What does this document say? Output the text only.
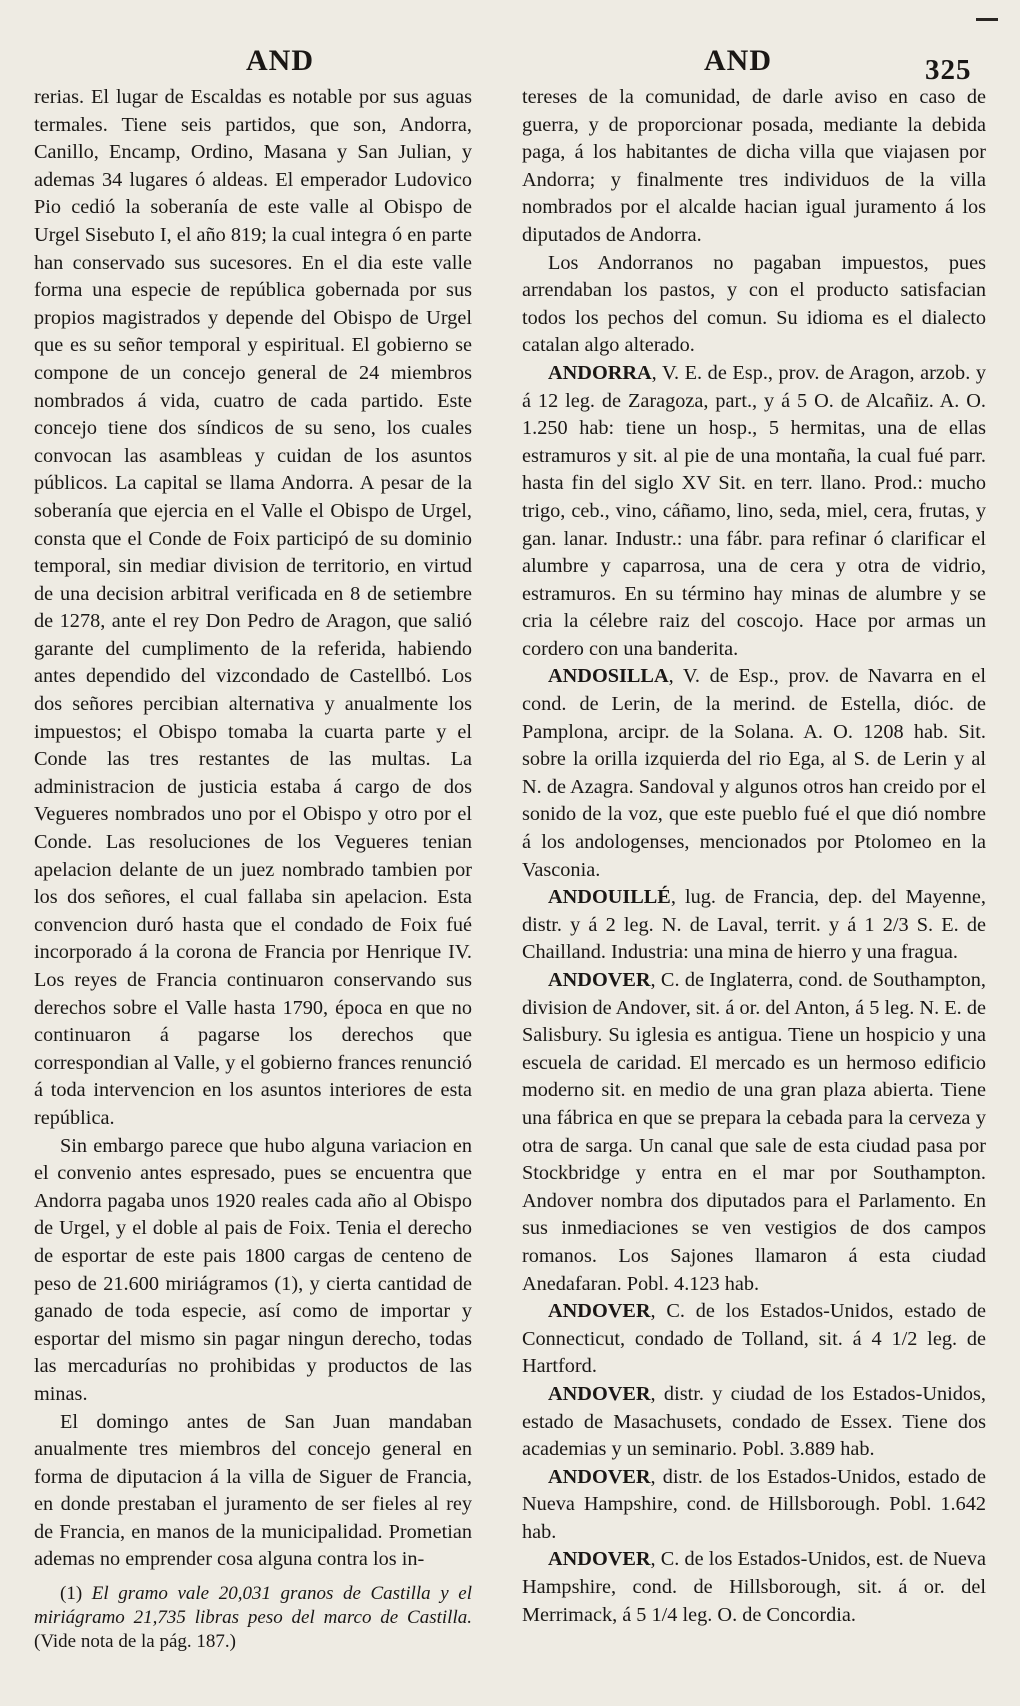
AND	AND	325

rerias. El lugar de Escaldas es notable por sus aguas termales. Tiene seis partidos, que son, Andorra, Canillo, Encamp, Ordino, Masana y San Julian, y ademas 34 lugares ó aldeas. El emperador Ludovico Pio cedió la soberanía de este valle al Obispo de Urgel Sisebuto I, el año 819; la cual integra ó en parte han conservado sus sucesores. En el dia este valle forma una especie de república gobernada por sus propios magistrados y depende del Obispo de Urgel que es su señor temporal y espiritual. El gobierno se compone de un concejo general de 24 miembros nombrados á vida, cuatro de cada partido. Este concejo tiene dos síndicos de su seno, los cuales convocan las asambleas y cuidan de los asuntos públicos. La capital se llama Andorra. A pesar de la soberanía que ejercia en el Valle el Obispo de Urgel, consta que el Conde de Foix participó de su dominio temporal, sin mediar division de territorio, en virtud de una decision arbitral verificada en 8 de setiembre de 1278, ante el rey Don Pedro de Aragon, que salió garante del cumplimento de la referida, habiendo antes dependido del vizcondado de Castellbó. Los dos señores percibian alternativa y anualmente los impuestos; el Obispo tomaba la cuarta parte y el Conde las tres restantes de las multas. La administracion de justicia estaba á cargo de dos Vegueres nombrados uno por el Obispo y otro por el Conde. Las resoluciones de los Vegueres tenian apelacion delante de un juez nombrado tambien por los dos señores, el cual fallaba sin apelacion. Esta convencion duró hasta que el condado de Foix fué incorporado á la corona de Francia por Henrique IV. Los reyes de Francia continuaron conservando sus derechos sobre el Valle hasta 1790, época en que no continuaron á pagarse los derechos que correspondian al Valle, y el gobierno frances renunció á toda intervencion en los asuntos interiores de esta república.

Sin embargo parece que hubo alguna variacion en el convenio antes espresado, pues se encuentra que Andorra pagaba unos 1920 reales cada año al Obispo de Urgel, y el doble al pais de Foix. Tenia el derecho de esportar de este pais 1800 cargas de centeno de peso de 21.600 miriágramos (1), y cierta cantidad de ganado de toda especie, así como de importar y esportar del mismo sin pagar ningun derecho, todas las mercadurías no prohibidas y productos de las minas.

El domingo antes de San Juan mandaban anualmente tres miembros del concejo general en forma de diputacion á la villa de Siguer de Francia, en donde prestaban el juramento de ser fieles al rey de Francia, en manos de la municipalidad. Prometian ademas no emprender cosa alguna contra los in-

(1) El gramo vale 20,031 granos de Castilla y el miriágramo 21,735 libras peso del marco de Castilla. (Vide nota de la pág. 187.)

tereses de la comunidad, de darle aviso en caso de guerra, y de proporcionar posada, mediante la debida paga, á los habitantes de dicha villa que viajasen por Andorra; y finalmente tres individuos de la villa nombrados por el alcalde hacian igual juramento á los diputados de Andorra.

Los Andorranos no pagaban impuestos, pues arrendaban los pastos, y con el producto satisfacian todos los pechos del comun. Su idioma es el dialecto catalan algo alterado.

ANDORRA, V. E. de Esp., prov. de Aragon, arzob. y á 12 leg. de Zaragoza, part., y á 5 O. de Alcañiz. A. O. 1.250 hab: tiene un hosp., 5 hermitas, una de ellas estramuros y sit. al pie de una montaña, la cual fué parr. hasta fin del siglo XV Sit. en terr. llano. Prod.: mucho trigo, ceb., vino, cáñamo, lino, seda, miel, cera, frutas, y gan. lanar. Industr.: una fábr. para refinar ó clarificar el alumbre y caparrosa, una de cera y otra de vidrio, estramuros. En su término hay minas de alumbre y se cria la célebre raiz del coscojo. Hace por armas un cordero con una banderita.

ANDOSILLA, V. de Esp., prov. de Navarra en el cond. de Lerin, de la merind. de Estella, dióc. de Pamplona, arcipr. de la Solana. A. O. 1208 hab. Sit. sobre la orilla izquierda del rio Ega, al S. de Lerin y al N. de Azagra. Sandoval y algunos otros han creido por el sonido de la voz, que este pueblo fué el que dió nombre á los andologenses, mencionados por Ptolomeo en la Vasconia.

ANDOUILLÉ, lug. de Francia, dep. del Mayenne, distr. y á 2 leg. N. de Laval, territ. y á 1 2/3 S. E. de Chailland. Industria: una mina de hierro y una fragua.

ANDOVER, C. de Inglaterra, cond. de Southampton, division de Andover, sit. á or. del Anton, á 5 leg. N. E. de Salisbury. Su iglesia es antigua. Tiene un hospicio y una escuela de caridad. El mercado es un hermoso edificio moderno sit. en medio de una gran plaza abierta. Tiene una fábrica en que se prepara la cebada para la cerveza y otra de sarga. Un canal que sale de esta ciudad pasa por Stockbridge y entra en el mar por Southampton. Andover nombra dos diputados para el Parlamento. En sus inmediaciones se ven vestigios de dos campos romanos. Los Sajones llamaron á esta ciudad Anedafaran. Pobl. 4.123 hab.

ANDOVER, C. de los Estados-Unidos, estado de Connecticut, condado de Tolland, sit. á 4 1/2 leg. de Hartford.

ANDOVER, distr. y ciudad de los Estados-Unidos, estado de Masachusets, condado de Essex. Tiene dos academias y un seminario. Pobl. 3.889 hab.

ANDOVER, distr. de los Estados-Unidos, estado de Nueva Hampshire, cond. de Hillsborough. Pobl. 1.642 hab.

ANDOVER, C. de los Estados-Unidos, est. de Nueva Hampshire, cond. de Hillsborough, sit. á or. del Merrimack, á 5 1/4 leg. O. de Concordia.
